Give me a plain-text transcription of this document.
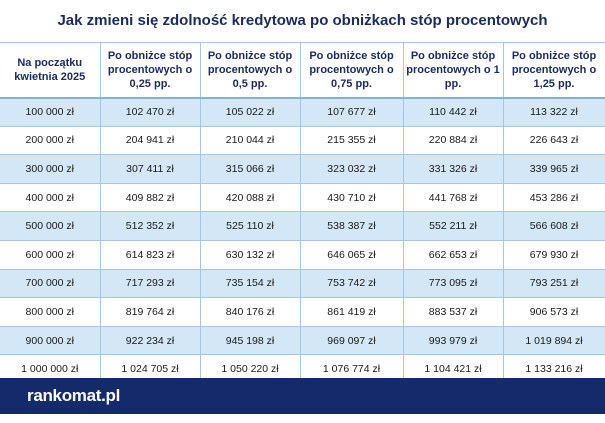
Jak zmieni się zdolność kredytowa po obniżkach stóp procentowych
Na początku kwietnia 2025	Po obniżce stóp procentowych o 0,25 pp.	Po obniżce stóp procentowych o 0,5 pp.	Po obniżce stóp procentowych o 0,75 pp.	Po obniżce stóp procentowych o 1 pp.	Po obniżce stóp procentowych o 1,25 pp.
100 000 zł	102 470 zł	105 022 zł	107 677 zł	110 442 zł	113 322 zł
200 000 zł	204 941 zł	210 044 zł	215 355 zł	220 884 zł	226 643 zł
300 000 zł	307 411 zł	315 066 zł	323 032 zł	331 326 zł	339 965 zł
400 000 zł	409 882 zł	420 088 zł	430 710 zł	441 768 zł	453 286 zł
500 000 zł	512 352 zł	525 110 zł	538 387 zł	552 211 zł	566 608 zł
600 000 zł	614 823 zł	630 132 zł	646 065 zł	662 653 zł	679 930 zł
700 000 zł	717 293 zł	735 154 zł	753 742 zł	773 095 zł	793 251 zł
800 000 zł	819 764 zł	840 176 zł	861 419 zł	883 537 zł	906 573 zł
900 000 zł	922 234 zł	945 198 zł	969 097 zł	993 979 zł	1 019 894 zł
1 000 000 zł	1 024 705 zł	1 050 220 zł	1 076 774 zł	1 104 421 zł	1 133 216 zł
rankomat.pl
